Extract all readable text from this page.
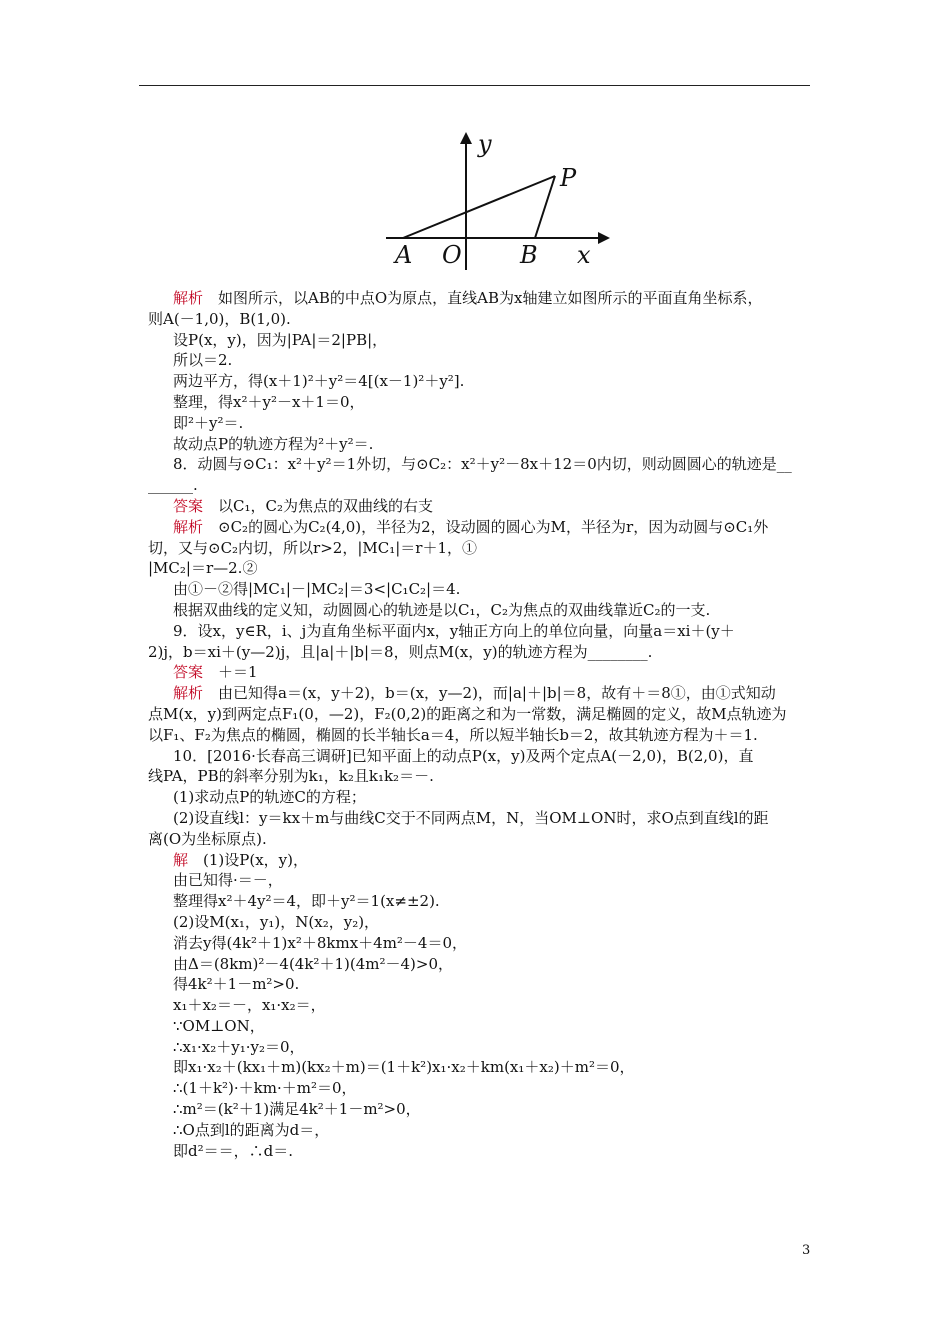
y
P
A O B x
解析　如图所示，以AB的中点O为原点，直线AB为x轴建立如图所示的平面直角坐标系，
则A(－1,0)，B(1,0).
设P(x，y)，因为|PA|＝2|PB|，
所以＝2.
两边平方，得(x＋1)²＋y²＝4[(x－1)²＋y²].
整理，得x²＋y²－x＋1＝0，
即²＋y²＝.
故动点P的轨迹方程为²＋y²＝.
8．动圆与⊙C₁：x²＋y²＝1外切，与⊙C₂：x²＋y²－8x＋12＝0内切，则动圆圆心的轨迹是__
______.
答案　以C₁，C₂为焦点的双曲线的右支
解析　⊙C₂的圆心为C₂(4,0)，半径为2，设动圆的圆心为M，半径为r，因为动圆与⊙C₁外
切，又与⊙C₂内切，所以r>2，|MC₁|＝r＋1，①
|MC₂|＝r—2.②
由①－②得|MC₁|－|MC₂|＝3<|C₁C₂|＝4.
根据双曲线的定义知，动圆圆心的轨迹是以C₁，C₂为焦点的双曲线靠近C₂的一支.
9．设x，y∈R，i、j为直角坐标平面内x，y轴正方向上的单位向量，向量a＝xi＋(y＋
2)j，b＝xi＋(y—2)j，且|a|＋|b|＝8，则点M(x，y)的轨迹方程为________.
答案　＋＝1
解析　由已知得a＝(x，y＋2)，b＝(x，y—2)，而|a|＋|b|＝8，故有＋＝8①，由①式知动
点M(x，y)到两定点F₁(0，—2)，F₂(0,2)的距离之和为一常数，满足椭圆的定义，故M点轨迹为
以F₁、F₂为焦点的椭圆，椭圆的长半轴长a＝4，所以短半轴长b＝2，故其轨迹方程为＋＝1.
10．[2016·长春高三调研]已知平面上的动点P(x，y)及两个定点A(－2,0)，B(2,0)，直
线PA，PB的斜率分别为k₁，k₂且k₁k₂＝－.
(1)求动点P的轨迹C的方程；
(2)设直线l：y＝kx＋m与曲线C交于不同两点M，N，当OM⊥ON时，求O点到直线l的距
离(O为坐标原点).
解　(1)设P(x，y)，
由已知得·＝－，
整理得x²＋4y²＝4，即＋y²＝1(x≠±2).
(2)设M(x₁，y₁)，N(x₂，y₂)，
消去y得(4k²＋1)x²＋8kmx＋4m²－4＝0，
由Δ＝(8km)²－4(4k²＋1)(4m²－4)>0，
得4k²＋1－m²>0.
x₁＋x₂＝－，x₁·x₂＝，
∵OM⊥ON，
∴x₁·x₂＋y₁·y₂＝0，
即x₁·x₂＋(kx₁＋m)(kx₂＋m)＝(1＋k²)x₁·x₂＋km(x₁＋x₂)＋m²＝0，
∴(1＋k²)·＋km·＋m²＝0，
∴m²＝(k²＋1)满足4k²＋1－m²>0，
∴O点到l的距离为d＝，
即d²＝＝，∴d＝.
3
